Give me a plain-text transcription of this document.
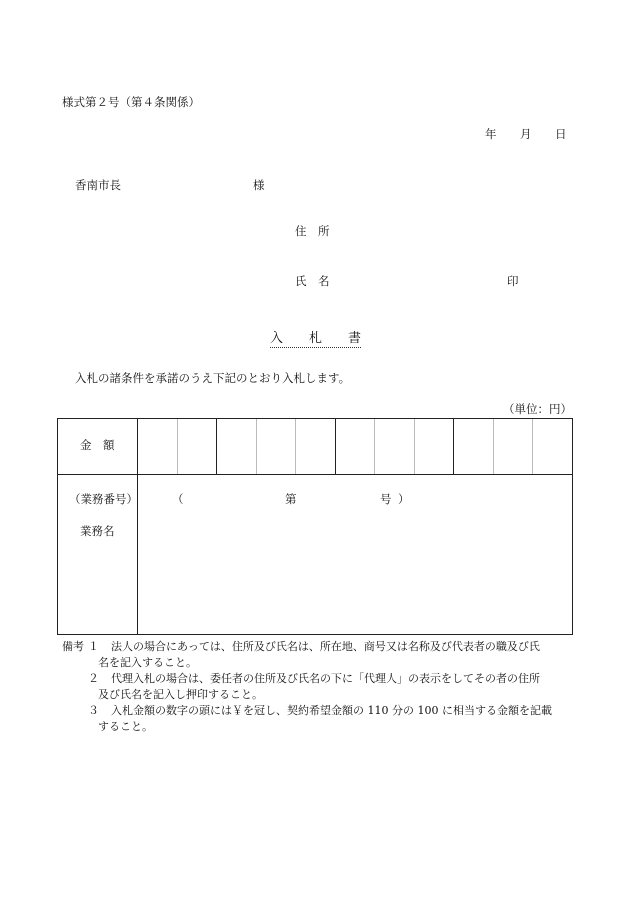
様式第２号（第４条関係）
年 月 日
香南市長	様
住　所
氏　名	印
入　　札　　書
入札の諸条件を承諾のうえ下記のとおり入札します。
（単位：円）
金　額
（業務番号）	（	第	号 ）
業務名
備考 １ 法人の場合にあっては、住所及び氏名は、所在地、商号又は名称及び代表者の職及び氏
名を記入すること。
２ 代理入札の場合は、委任者の住所及び氏名の下に「代理人」の表示をしてその者の住所
及び氏名を記入し押印すること。
３ 入札金額の数字の頭には￥を冠し、契約希望金額の 110 分の 100 に相当する金額を記載
すること。
